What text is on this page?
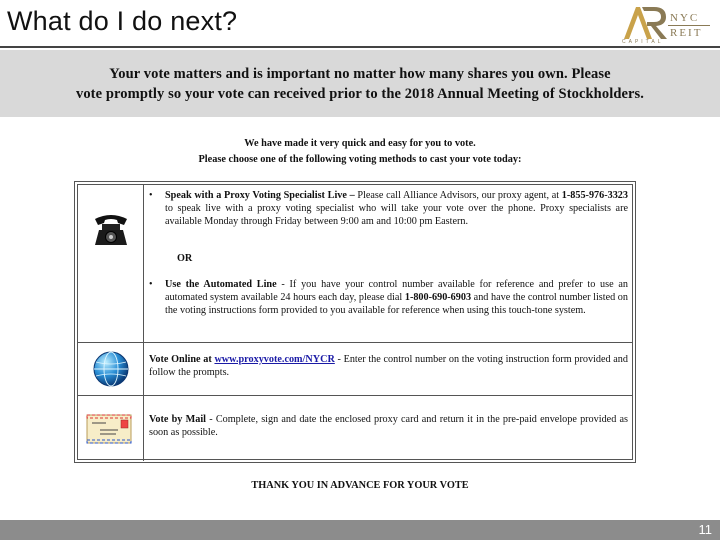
What do I do next?	NYC
REIT
CAPITAL
Your vote matters and is important no matter how many shares you own. Please
vote promptly so your vote can received prior to the 2018 Annual Meeting of Stockholders.
We have made it very quick and easy for you to vote.
Please choose one of the following voting methods to cast your vote today:
• Speak with a Proxy Voting Specialist Live – Please call Alliance Advisors, our proxy agent, at 1-855-976-3323 to speak live with a proxy voting specialist who will take your vote over the phone. Proxy specialists are available Monday through Friday between 9:00 am and 10:00 pm Eastern.
OR
• Use the Automated Line - If you have your control number available for reference and prefer to use an automated system available 24 hours each day, please dial 1-800-690-6903 and have the control number listed on the voting instructions form provided to you available for reference when using this touch-tone system.
Vote Online at www.proxyvote.com/NYCR - Enter the control number on the voting instruction form provided and follow the prompts.
Vote by Mail - Complete, sign and date the enclosed proxy card and return it in the pre-paid envelope provided as soon as possible.
THANK YOU IN ADVANCE FOR YOUR VOTE
11
